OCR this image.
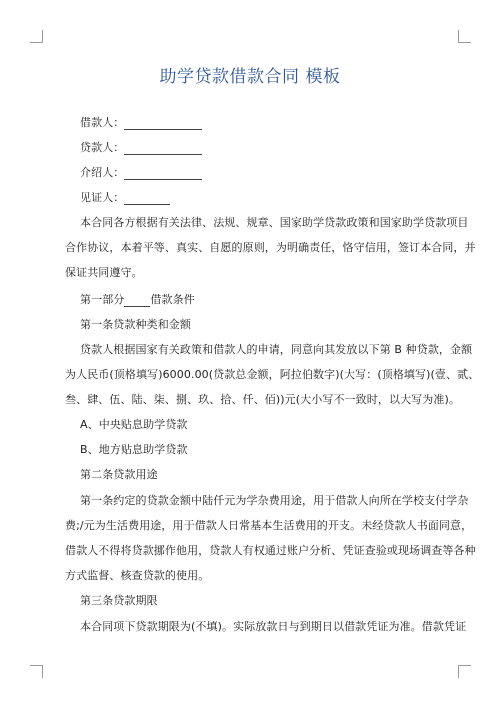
助学贷款借款合同 模板
借款人：
贷款人：
介绍人：
见证人：
本合同各方根据有关法律、法规、规章、国家助学贷款政策和国家助学贷款项目
合作协议，本着平等、真实、自愿的原则，为明确责任，恪守信用，签订本合同，并
保证共同遵守。
第一部分 借款条件
第一条贷款种类和金额
贷款人根据国家有关政策和借款人的申请，同意向其发放以下第 B 种贷款，金额
为人民币(顶格填写)6000.00(贷款总金额，阿拉伯数字)(大写：(顶格填写)(壹、贰、
叁、肆、伍、陆、柒、捌、玖、拾、仟、佰))元(大小写不一致时，以大写为准)。
A、中央贴息助学贷款
B、地方贴息助学贷款
第二条贷款用途
第一条约定的贷款金额中陆仟元为学杂费用途，用于借款人向所在学校支付学杂
费;/元为生活费用途，用于借款人日常基本生活费用的开支。未经贷款人书面同意，
借款人不得将贷款挪作他用，贷款人有权通过账户分析、凭证查验或现场调查等各种
方式监督、核查贷款的使用。
第三条贷款期限
本合同项下贷款期限为(不填)。实际放款日与到期日以借款凭证为准。借款凭证
